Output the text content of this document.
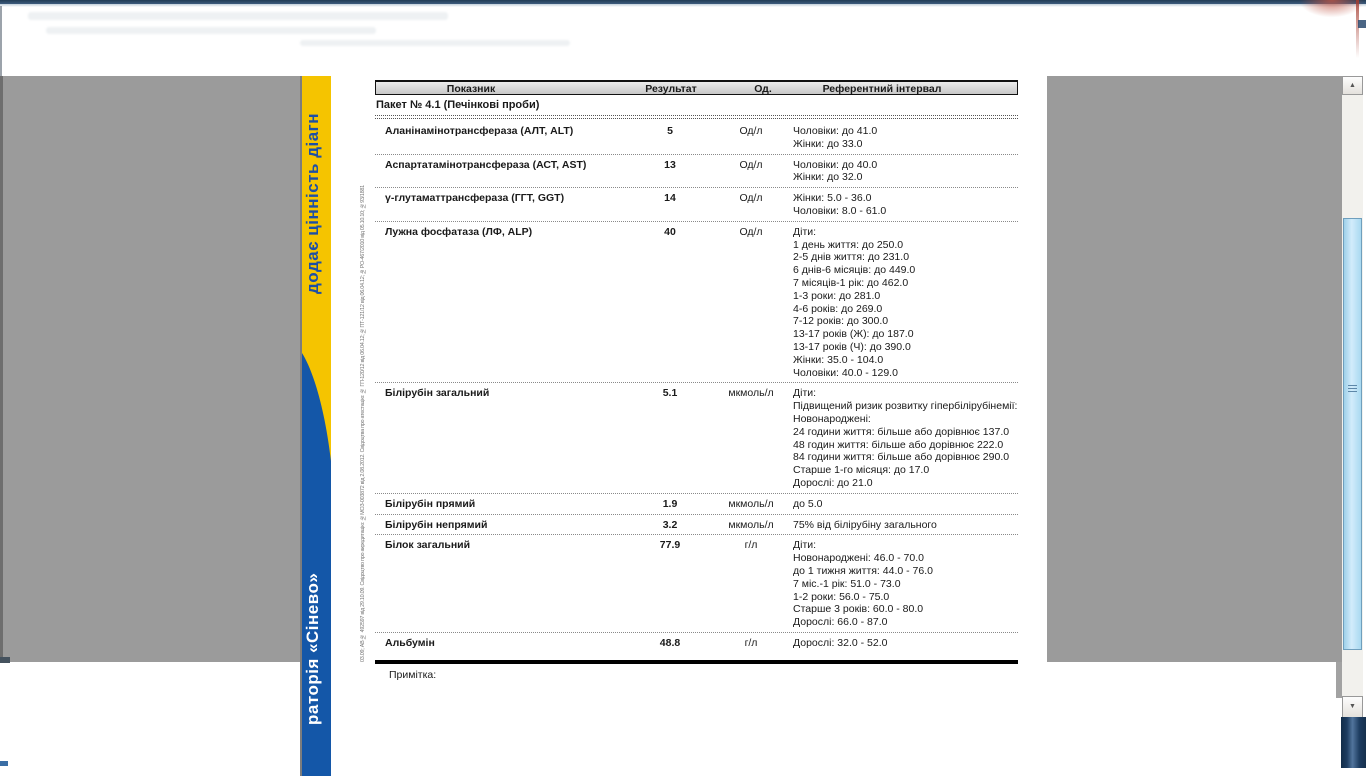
додає цінність діагн
раторія «Сінево»	03.09; АВ № 492597 від 29.10.09. Свідоцтво про акредитацію: №МОЗ-003872 від 2.08.2012. Свідоцтва про атестацію: № ГП-120/12 від 06.04.12; №ПТ-121/12 від 06.04.12; №РО-467/2010 від 05.10.10; №93/1881
Показник	Результат	Од.	Референтний інтервал
Пакет № 4.1 (Печінкові проби)
Аланінамінотрансфераза (АЛТ, ALT)	5	Од/л	Чоловіки: до 41.0
Жінки: до 33.0
Аспартатамінотрансфераза (АСТ, AST)	13	Од/л	Чоловіки: до 40.0
Жінки: до 32.0
γ-глутаматтрансфераза (ГГТ, GGT)	14	Од/л	Жінки: 5.0 - 36.0
Чоловіки: 8.0 - 61.0
Лужна фосфатаза (ЛФ, ALP)	40	Од/л	Діти:
1 день життя: до 250.0
2-5 днів життя: до 231.0
6 днів-6 місяців: до 449.0
7 місяців-1 рік: до 462.0
1-3 роки: до 281.0
4-6 років: до 269.0
7-12 років: до 300.0
13-17 років (Ж): до 187.0
13-17 років (Ч): до 390.0
Жінки: 35.0 - 104.0
Чоловіки: 40.0 - 129.0
Білірубін загальний	5.1	мкмоль/л	Діти:
Підвищений ризик розвитку гіпербілірубінемії:
Новонароджені:
24 години життя: більше або дорівнює 137.0
48 годин життя: більше або дорівнює 222.0
84 години життя: більше або дорівнює 290.0
Старше 1-го місяця: до 17.0
Дорослі: до 21.0
Білірубін прямий	1.9	мкмоль/л	до 5.0
Білірубін непрямий	3.2	мкмоль/л	75% від білірубіну загального
Білок загальний	77.9	г/л	Діти:
Новонароджені: 46.0 - 70.0
до 1 тижня життя: 44.0 - 76.0
7 міс.-1 рік: 51.0 - 73.0
1-2 роки: 56.0 - 75.0
Старше 3 років: 60.0 - 80.0
Дорослі: 66.0 - 87.0
Альбумін	48.8	г/л	Дорослі: 32.0 - 52.0
Примітка:
▲
▼
